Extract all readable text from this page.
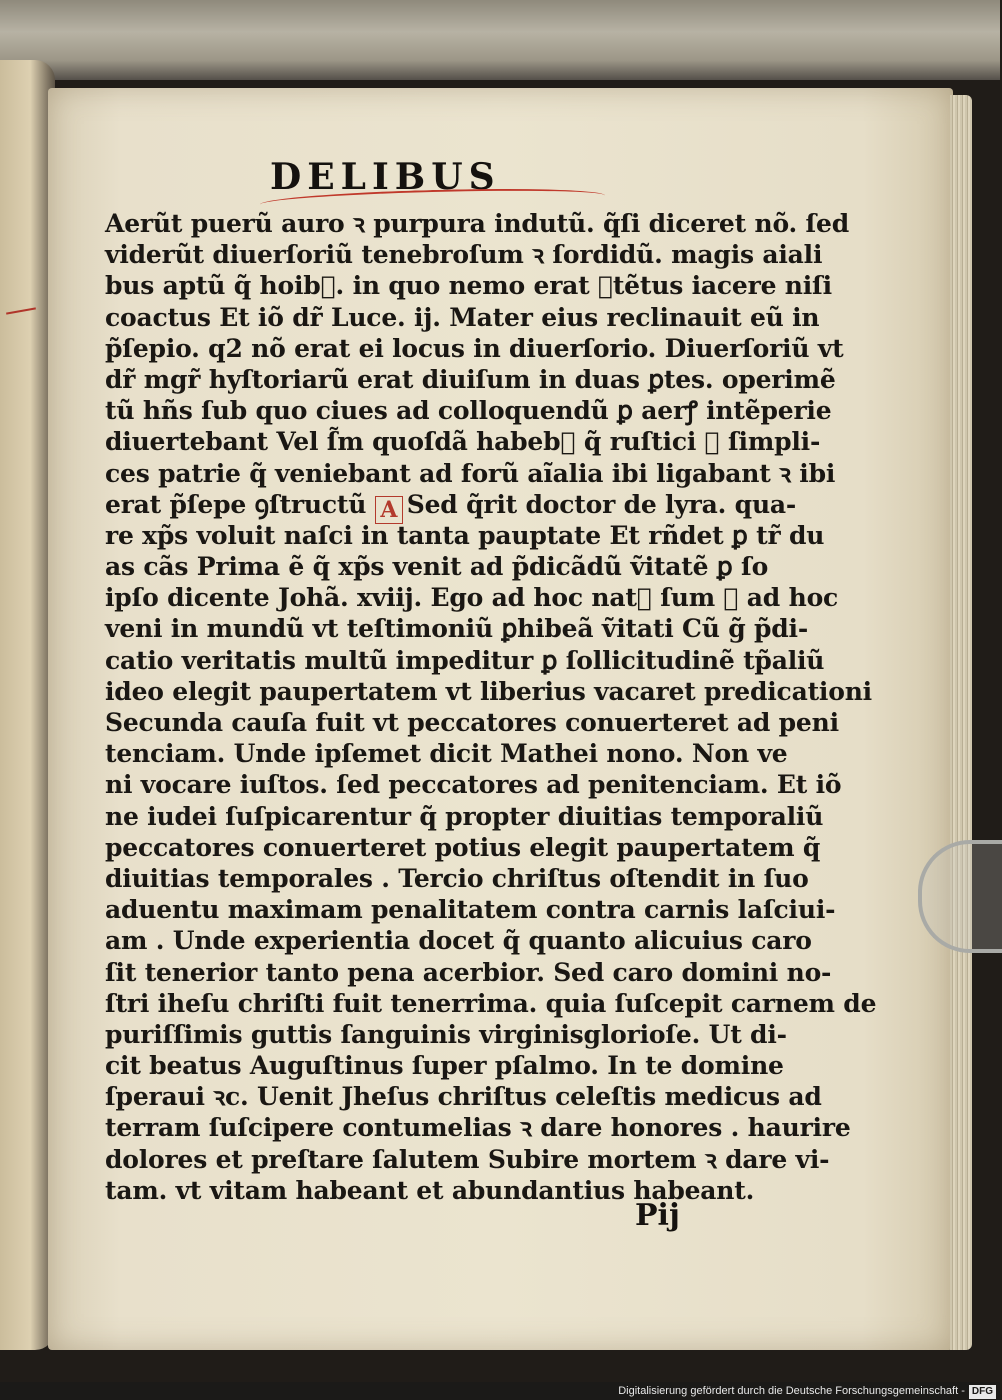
DELIBUS
Aerũt puerũ auro ꝛ purpura indutũ. q̃ſi diceret nõ. ſed
viderũt diuerſoriũ tenebroſum ꝛ ſordidũ. magis aiali
bus aptũ q̃ hoib᷒. in quo nemo erat ꝯtẽtus iacere niſi
coactus Et iõ dr̃ Luce. ij. Mater eius reclinauit eũ in
p̃ſepio. q2 nõ erat ei locus in diuerſorio. Diuerſoriũ vt
dr̃ mgr̃ hyſtoriarũ erat diuiſum in duas ꝑtes. operimẽ
tũ hñs ſub quo ciues ad colloquendũ ꝑ aerꝭ intẽperie
diuertebant Vel ſ̃m quoſdã habeb᷑ q̃ ruſtici ꝛ ſimpli-
ces patrie q̃ veniebant ad forũ aĩalia ibi ligabant ꝛ ibi
erat p̃ſepe ꝯſtructũ A Sed q̃rit doctor de lyra. qua-
re xp̃s voluit naſci in tanta pauptate Et rñdet ꝑ tr̃ du
as cãs Prima ẽ q̃ xp̃s venit ad p̃dicãdũ ṽitatẽ ꝑ ſo
ipſo dicente Johã. xviij. Ego ad hoc nat᷒ ſum ꝛ ad hoc
veni in mundũ vt teſtimoniũ ꝑhibeã ṽitati Cũ g̃ p̃di-
catio veritatis multũ impeditur ꝑ ſollicitudinẽ tp̃aliũ
ideo elegit paupertatem vt liberius vacaret predicationi
Secunda cauſa fuit vt peccatores conuerteret ad peni
tenciam. Unde ipſemet dicit Mathei nono. Non ve
ni vocare iuſtos. ſed peccatores ad penitenciam. Et iõ
ne iudei ſuſpicarentur q̃ propter diuitias temporaliũ
peccatores conuerteret potius elegit paupertatem q̃
diuitias temporales . Tercio chriſtus oſtendit in ſuo
aduentu maximam penalitatem contra carnis laſciui-
am . Unde experientia docet q̃ quanto alicuius caro
ſit tenerior tanto pena acerbior. Sed caro domini no-
ſtri iheſu chriſti fuit tenerrima. quia ſuſcepit carnem de
puriſſimis guttis ſanguinis virginisglorioſe. Ut di-
cit beatus Auguſtinus ſuper pſalmo. In te domine
ſperaui ꝛc. Uenit Jheſus chriſtus celeſtis medicus ad
terram ſuſcipere contumelias ꝛ dare honores . haurire
dolores et preſtare ſalutem Subire mortem ꝛ dare vi-
tam. vt vitam habeant et abundantius habeant.
Pij
Digitalisierung gefördert durch die Deutsche Forschungsgemeinschaft - DFG
